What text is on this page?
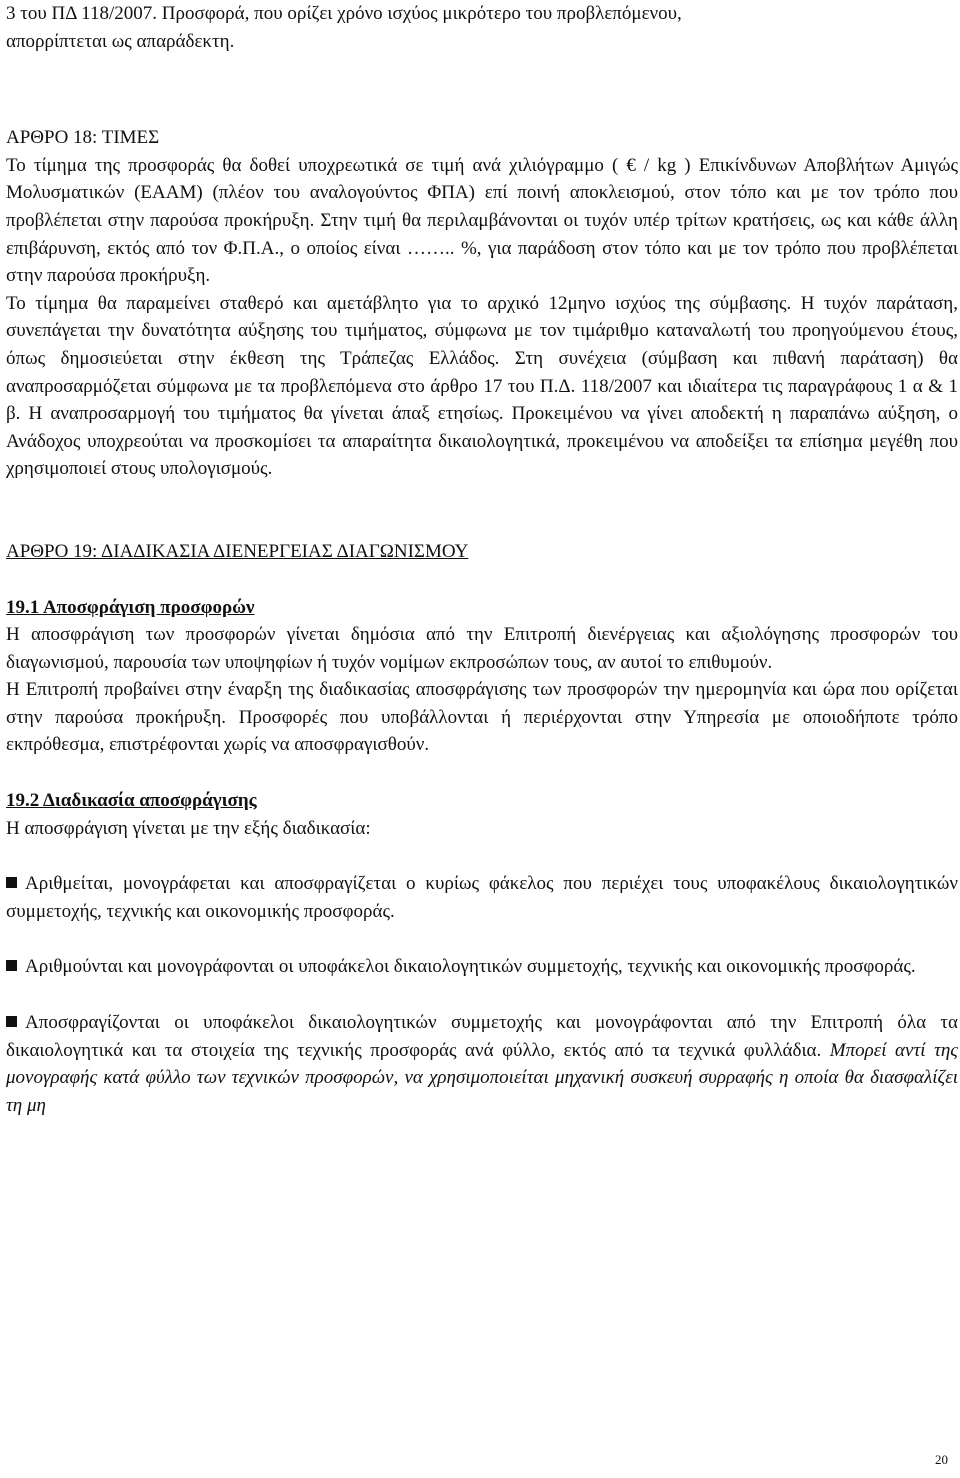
3 του ΠΔ 118/2007. Προσφορά, που ορίζει χρόνο ισχύος μικρότερο του προβλεπόμενου,

απορρίπτεται ως απαράδεκτη.

ΑΡΘΡΟ 18: ΤΙΜΕΣ

Το τίμημα της προσφοράς θα δοθεί υποχρεωτικά σε τιμή ανά χιλιόγραμμο ( € / kg ) Επικίνδυνων Αποβλήτων Αμιγώς Μολυσματικών (ΕΑΑΜ) (πλέον του αναλογούντος ΦΠΑ) επί ποινή αποκλεισμού, στον τόπο και με τον τρόπο που προβλέπεται στην παρούσα προκήρυξη. Στην τιμή θα περιλαμβάνονται οι τυχόν υπέρ τρίτων κρατήσεις, ως και κάθε άλλη επιβάρυνση, εκτός από τον Φ.Π.Α., ο οποίος είναι …….. %, για παράδοση στον τόπο και με τον τρόπο που προβλέπεται στην παρούσα προκήρυξη.

Το τίμημα θα παραμείνει σταθερό και αμετάβλητο για το αρχικό 12μηνο ισχύος της σύμβασης. Η τυχόν παράταση, συνεπάγεται την δυνατότητα αύξησης του τιμήματος, σύμφωνα με τον τιμάριθμο καταναλωτή του προηγούμενου έτους, όπως δημοσιεύεται στην έκθεση της Τράπεζας Ελλάδος. Στη συνέχεια (σύμβαση και πιθανή παράταση) θα αναπροσαρμόζεται σύμφωνα με τα προβλεπόμενα στο άρθρο 17 του Π.Δ. 118/2007 και ιδιαίτερα τις παραγράφους 1 α & 1 β. Η αναπροσαρμογή του τιμήματος θα γίνεται άπαξ ετησίως. Προκειμένου να γίνει αποδεκτή η παραπάνω αύξηση, ο Ανάδοχος υποχρεούται να προσκομίσει τα απαραίτητα δικαιολογητικά, προκειμένου να αποδείξει τα επίσημα μεγέθη που χρησιμοποιεί στους υπολογισμούς.

ΑΡΘΡΟ 19: ΔΙΑΔΙΚΑΣΙΑ ΔΙΕΝΕΡΓΕΙΑΣ ΔΙΑΓΩΝΙΣΜΟΥ

19.1 Αποσφράγιση προσφορών

Η αποσφράγιση των προσφορών γίνεται δημόσια από την Επιτροπή διενέργειας και αξιολόγησης προσφορών του διαγωνισμού, παρουσία των υποψηφίων ή τυχόν νομίμων εκπροσώπων τους, αν αυτοί το επιθυμούν.

Η Επιτροπή προβαίνει στην έναρξη της διαδικασίας αποσφράγισης των προσφορών την ημερομηνία και ώρα που ορίζεται στην παρούσα προκήρυξη. Προσφορές που υποβάλλονται ή περιέρχονται στην Υπηρεσία με οποιοδήποτε τρόπο εκπρόθεσμα, επιστρέφονται χωρίς να αποσφραγισθούν.

19.2 Διαδικασία αποσφράγισης

Η αποσφράγιση γίνεται με την εξής διαδικασία:

Αριθμείται, μονογράφεται και αποσφραγίζεται ο κυρίως φάκελος που περιέχει τους υποφακέλους δικαιολογητικών συμμετοχής, τεχνικής και οικονομικής προσφοράς.

Αριθμούνται και μονογράφονται οι υποφάκελοι δικαιολογητικών συμμετοχής, τεχνικής και οικονομικής προσφοράς.

Αποσφραγίζονται οι υποφάκελοι δικαιολογητικών συμμετοχής και μονογράφονται από την Επιτροπή όλα τα δικαιολογητικά και τα στοιχεία της τεχνικής προσφοράς ανά φύλλο, εκτός από τα τεχνικά φυλλάδια. Μπορεί αντί της μονογραφής κατά φύλλο των τεχνικών προσφορών, να χρησιμοποιείται μηχανική συσκευή συρραφής η οποία θα διασφαλίζει τη μη

20
